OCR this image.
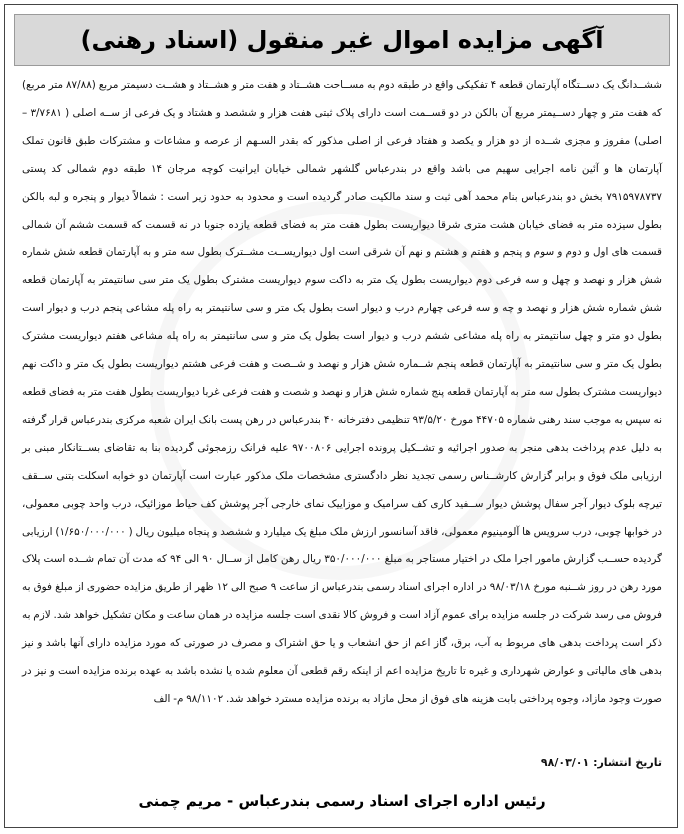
آگهی مزایده اموال غیر منقول (اسناد رهنی)
ششــدانگ یک دســتگاه آپارتمان قطعه ۴ تفکیکی واقع در طبقه دوم به مســاحت هشــتاد و هفت متر و هشــتاد و هشــت دسیمتر مربع (۸۷/۸۸ متر مربع) که هفت متر و چهار دســیمتر مربع آن بالکن در دو قســمت است دارای پلاک ثبتی هفت هزار و ششصد و هشتاد و یک فرعی از ســه اصلی ( ۳/۷۶۸۱ – اصلی) مفروز و مجزی شــده از دو هزار و یکصد و هفتاد فرعی از اصلی مذکور که بقدر السـهم از عرصه و مشاعات و مشترکات طبق قانون تملک آپارتمان ها و آئین نامه اجرایی سهیم می باشد واقع در بندرعباس گلشهر شمالی خیابان ایرانیت کوچه مرجان ۱۴ طبقه دوم شمالی کد پستی ۷۹۱۵۹۷۸۷۳۷ بخش دو بندرعباس بنام محمد آهی ثبت و سند مالکیت صادر گردیده است و محدود به حدود زیر است : شمالاً دیوار و پنجره و لبه بالکن بطول سیزده متر به فضای خیابان هشت متری شرقا دیواریست بطول هفت متر به فضای قطعه یازده جنوبا در نه قسمت که قسمت ششم آن شمالی قسمت های اول و دوم و سوم و پنجم و هفتم و هشتم و نهم آن شرقی است اول دیواریســت مشــترک بطول سه متر و به آپارتمان قطعه شش شماره شش هزار و نهصد و چهل و سه فرعی دوم دیواریست بطول یک متر به داکت سوم دیواریست مشترک بطول یک متر سی سانتیمتر به آپارتمان قطعه شش شماره شش هزار و نهصد و چه و سه فرعی چهارم درب و دیوار است بطول یک متر و سی سانتیمتر به راه پله مشاعی پنجم درب و دیوار است بطول دو متر و چهل سانتیمتر به راه پله مشاعی ششم درب و دیوار است بطول یک متر و سی سانتیمتر به راه پله مشاعی هفتم دیواریست مشترک بطول یک متر و سی سانتیمتر به آپارتمان قطعه پنجم شــماره شش هزار و نهصد و شــصت و هفت فرعی هشتم دیواریست بطول یک متر و داکت نهم دیواریست مشترک بطول سه متر به آپارتمان قطعه پنج شماره شش هزار و نهصد و شصت و هفت فرعی غربا دیواریست بطول هفت متر به فضای قطعه نه سپس به موجب سند رهنی شماره ۴۴۷۰۵ مورخ ۹۳/۵/۲۰ تنظیمی دفترخانه ۴۰ بندرعباس در رهن پست بانک ایران شعبه مرکزی بندرعباس قرار گرفته به دلیل عدم پرداخت بدهی منجر به صدور اجرائیه و تشــکیل پرونده اجرایی ۹۷۰۰۸۰۶ علیه فرانک رزمجوئی گردیده بنا به تقاضای بســتانکار مبنی بر ارزیابی ملک فوق و برابر گزارش کارشــناس رسمی تجدید نظر دادگستری مشخصات ملک مذکور عبارت است آپارتمان دو خوابه اسکلت بتنی ســقف تیرچه بلوک دیوار آجر سفال پوشش دیوار ســفید کاری کف سرامیک و موزاییک نمای خارجی آجر پوشش کف حیاط موزائیک، درب واحد چوبی معمولی، در خوابها چوبی، درب سرویس ها آلومینیوم معمولی، فاقد آسانسور ارزش ملک مبلغ یک میلیارد و ششصد و پنجاه میلیون ریال ( ۱/۶۵۰/۰۰۰/۰۰۰) ارزیابی گردیده حســب گزارش مامور اجرا ملک در اختیار مستاجر به مبلغ ۳۵۰/۰۰۰/۰۰۰ ریال رهن کامل از ســال ۹۰ الی ۹۴ که مدت آن تمام شــده است پلاک مورد رهن در روز شــنبه مورخ ۹۸/۰۳/۱۸ در اداره اجرای اسناد رسمی بندرعباس از ساعت ۹ صبح الی ۱۲ ظهر از طریق مزایده حضوری از مبلغ فوق به فروش می رسد شرکت در جلسه مزایده برای عموم آزاد است و فروش کالا نقدی است جلسه مزایده در همان ساعت و مکان تشکیل خواهد شد. لازم به ذکر است پرداخت بدهی های مربوط به آب، برق، گاز اعم از حق انشعاب و یا حق اشتراک و مصرف در صورتی که مورد مزایده دارای آنها باشد و نیز بدهی های مالیاتی و عوارض شهرداری و غیره تا تاریخ مزایده اعم از اینکه رقم قطعی آن معلوم شده یا نشده باشد به عهده برنده مزایده است و نیز در صورت وجود مازاد، وجوه پرداختی بابت هزینه های فوق از محل مازاد به برنده مزایده مسترد خواهد شد. ۹۸/۱۱۰۲ م- الف
تاریخ انتشار: ۹۸/۰۳/۰۱
رئیس اداره اجرای اسناد رسمی بندرعباس - مریم چمنی
